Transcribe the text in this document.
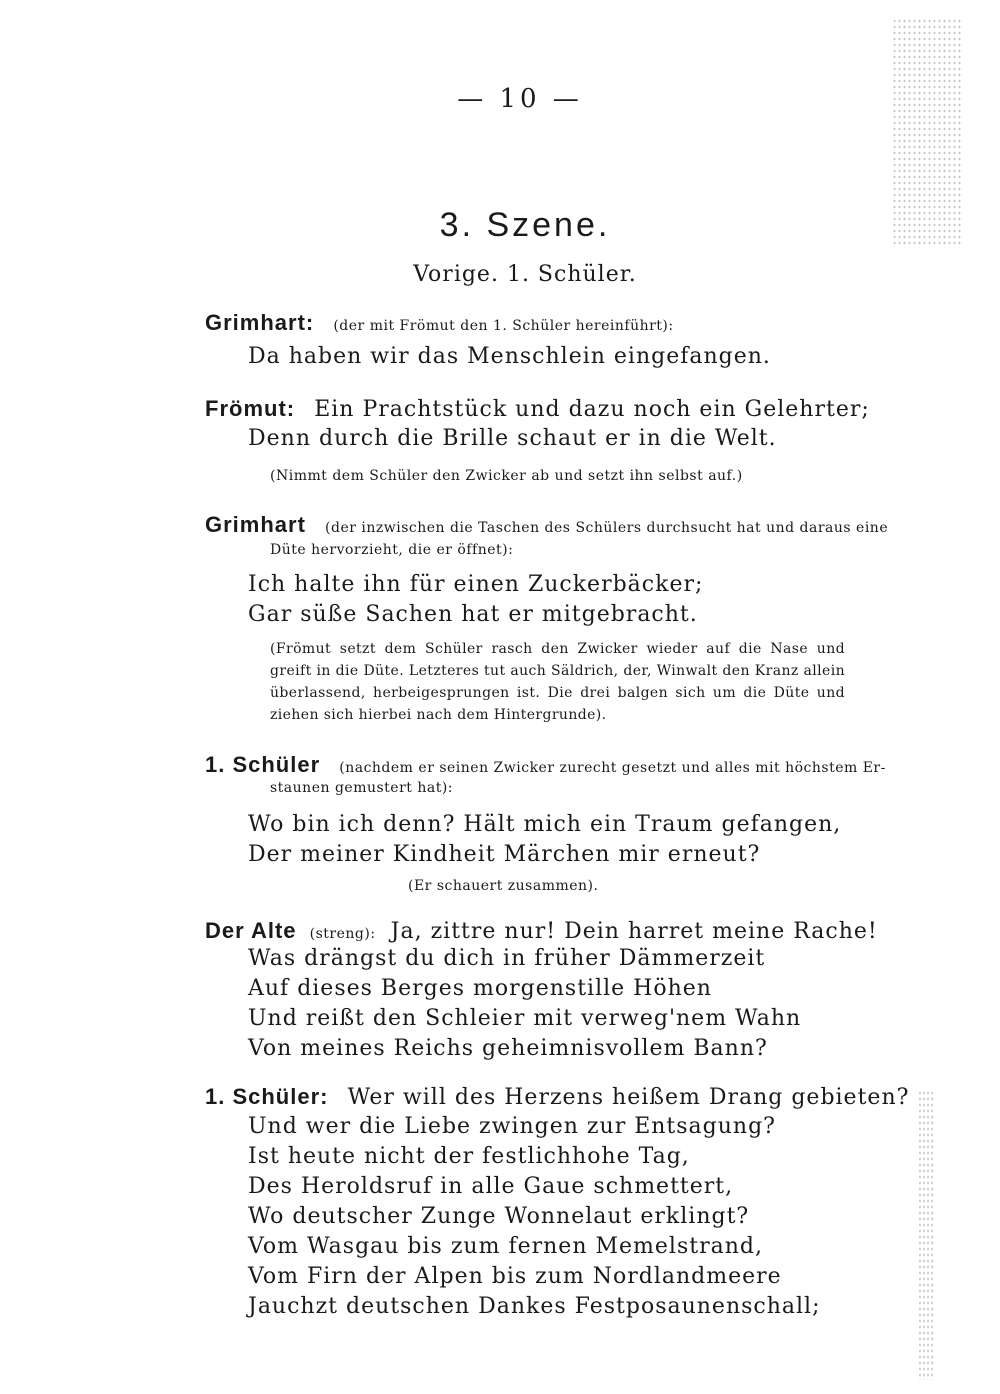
— 10 —
3. Szene.
Vorige. 1. Schüler.
Grimhart: (der mit Frömut den 1. Schüler hereinführt):
Da haben wir das Menschlein eingefangen.
Frömut: Ein Prachtstück und dazu noch ein Gelehrter;
Denn durch die Brille schaut er in die Welt.
(Nimmt dem Schüler den Zwicker ab und setzt ihn selbst auf.)
Grimhart (der inzwischen die Taschen des Schülers durchsucht hat und daraus eine
Düte hervorzieht, die er öffnet):
Ich halte ihn für einen Zuckerbäcker;
Gar süße Sachen hat er mitgebracht.
(Frömut setzt dem Schüler rasch den Zwicker wieder auf die Nase und greift in die Düte. Letzteres tut auch Säldrich, der, Winwalt den Kranz allein überlassend, herbeigesprungen ist. Die drei balgen sich um die Düte und ziehen sich hierbei nach dem Hintergrunde).
1. Schüler (nachdem er seinen Zwicker zurecht gesetzt und alles mit höchstem Er-
staunen gemustert hat):
Wo bin ich denn? Hält mich ein Traum gefangen,
Der meiner Kindheit Märchen mir erneut?
(Er schauert zusammen).
Der Alte (streng): Ja, zittre nur! Dein harret meine Rache!
Was drängst du dich in früher Dämmerzeit
Auf dieses Berges morgenstille Höhen
Und reißt den Schleier mit verweg'nem Wahn
Von meines Reichs geheimnisvollem Bann?
1. Schüler: Wer will des Herzens heißem Drang gebieten?
Und wer die Liebe zwingen zur Entsagung?
Ist heute nicht der festlichhohe Tag,
Des Heroldsruf in alle Gaue schmettert,
Wo deutscher Zunge Wonnelaut erklingt?
Vom Wasgau bis zum fernen Memelstrand,
Vom Firn der Alpen bis zum Nordlandmeere
Jauchzt deutschen Dankes Festposaunenschall;
